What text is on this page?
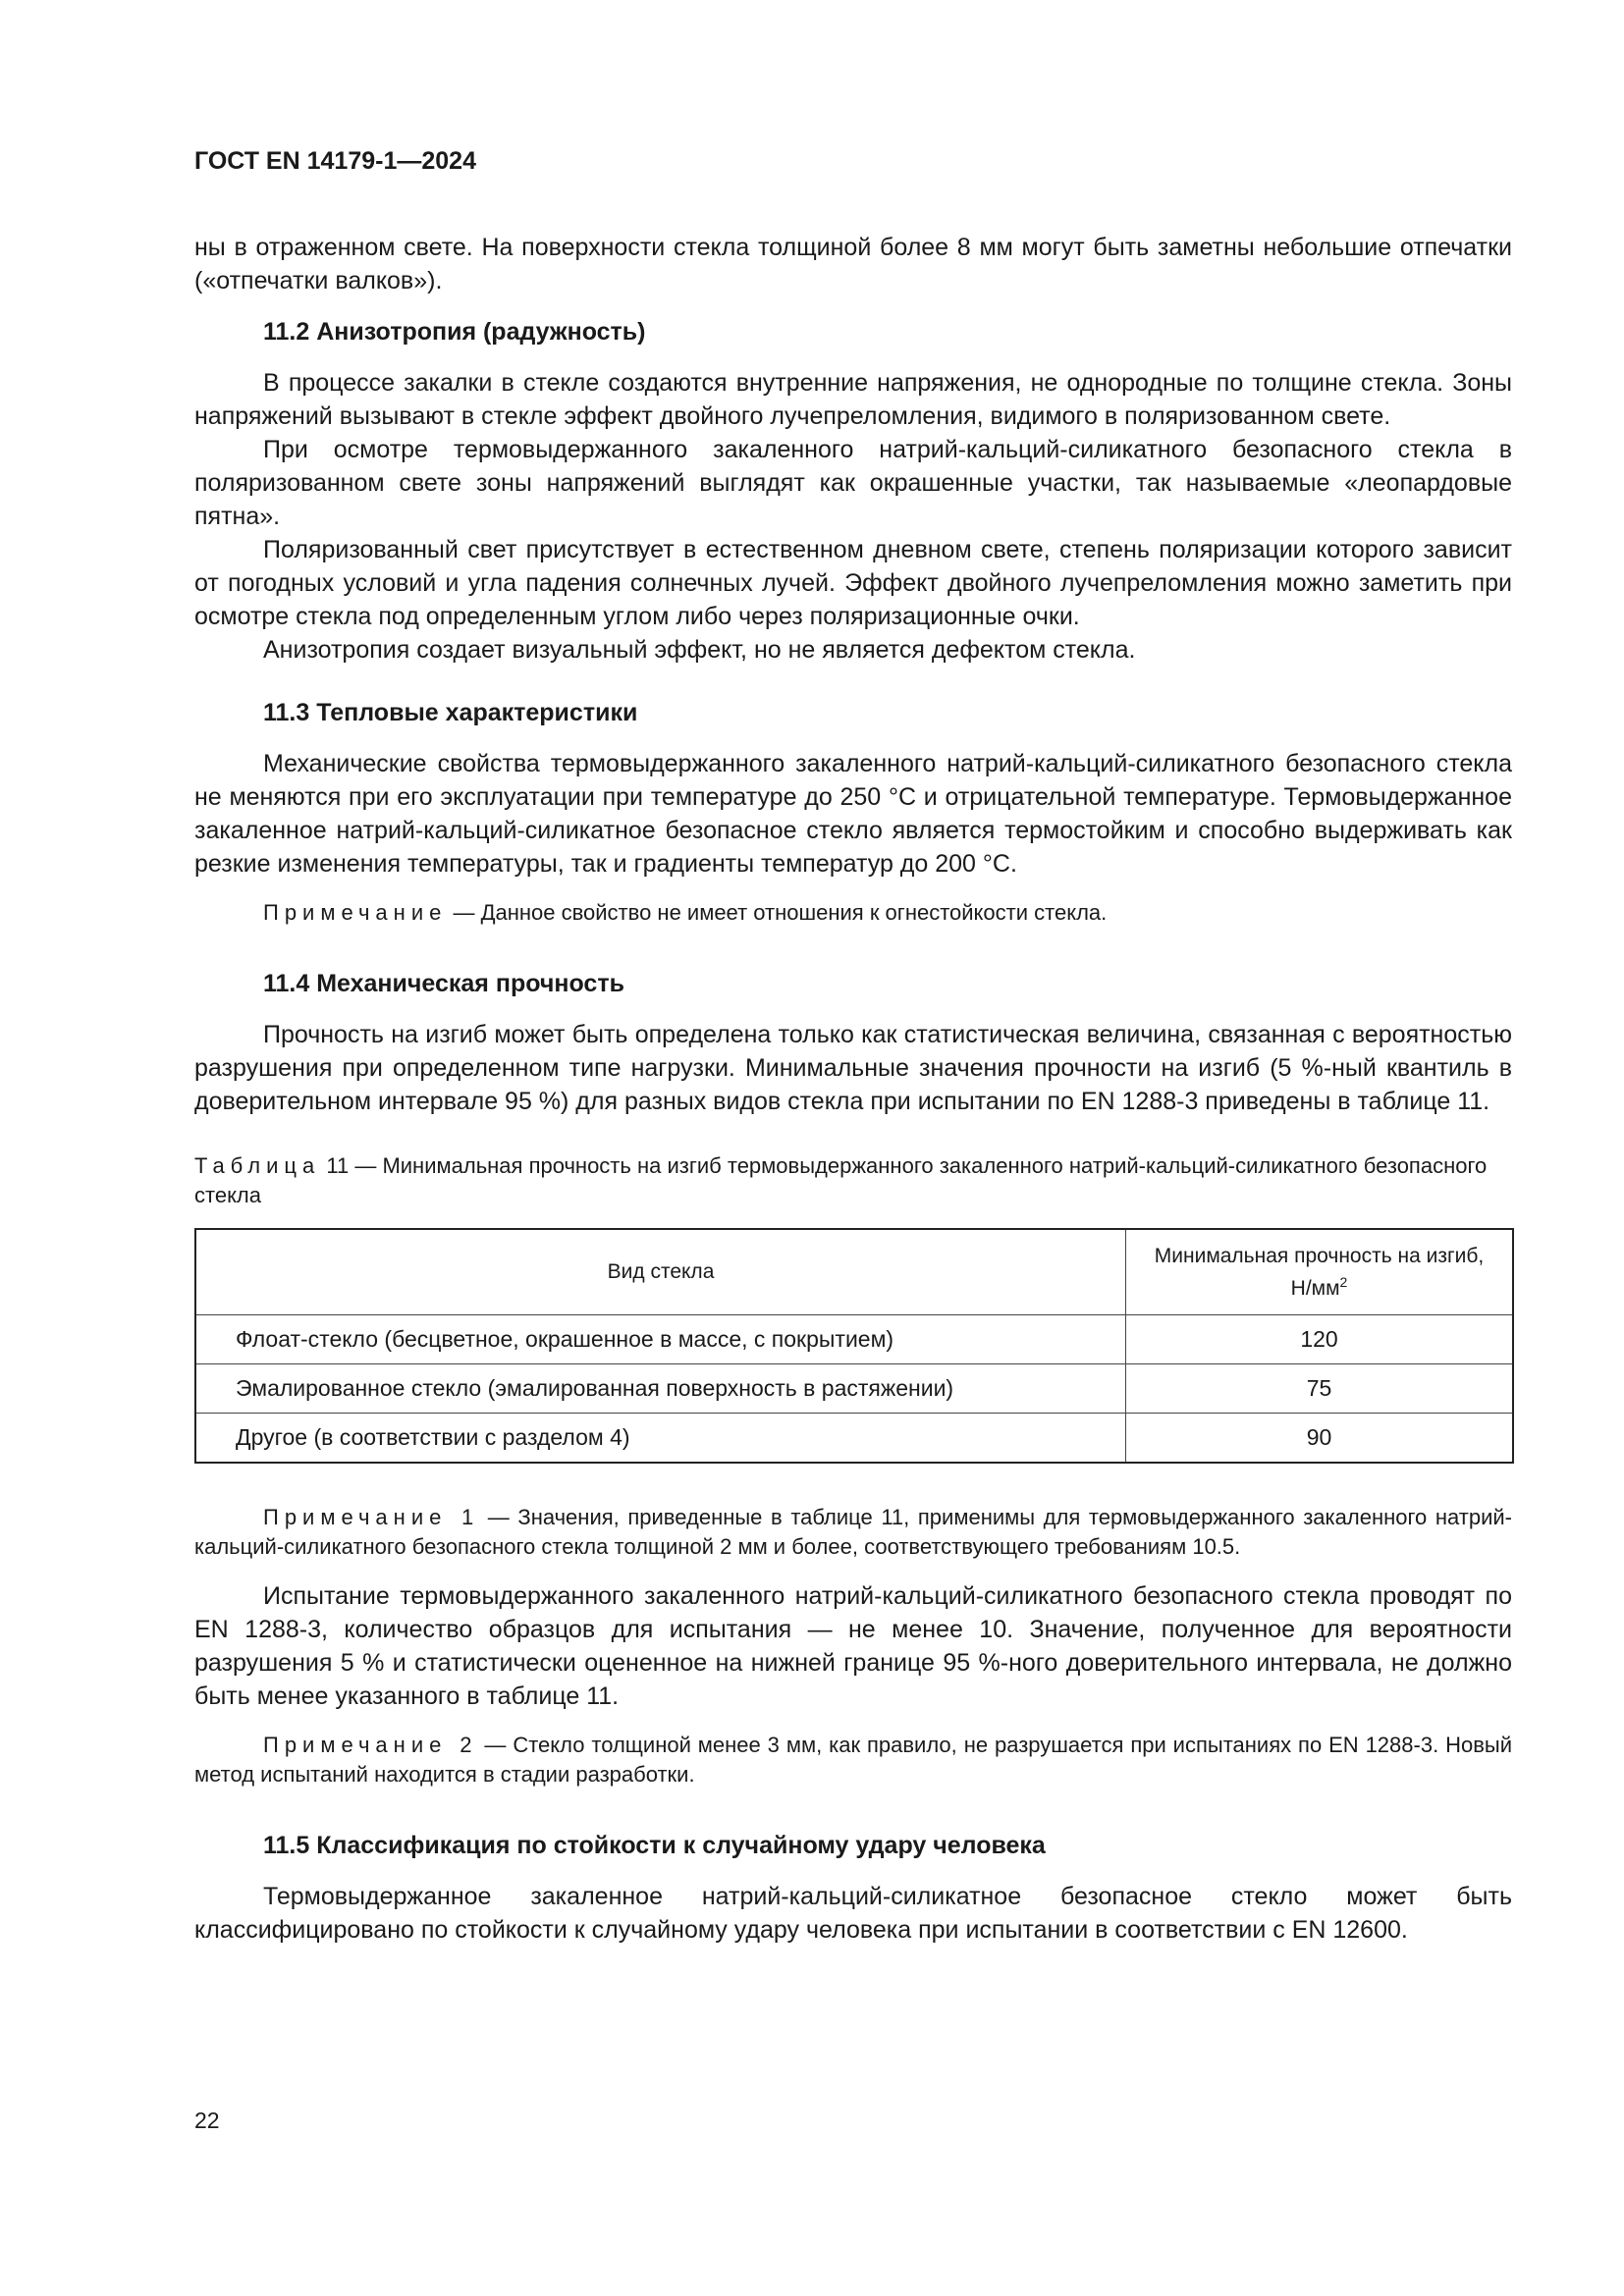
ГОСТ EN 14179-1—2024

ны в отраженном свете. На поверхности стекла толщиной более 8 мм могут быть заметны небольшие отпечатки («отпечатки валков»).

11.2 Анизотропия (радужность)

В процессе закалки в стекле создаются внутренние напряжения, не однородные по толщине стекла. Зоны напряжений вызывают в стекле эффект двойного лучепреломления, видимого в поляризованном свете.

При осмотре термовыдержанного закаленного натрий-кальций-силикатного безопасного стекла в поляризованном свете зоны напряжений выглядят как окрашенные участки, так называемые «леопардовые пятна».

Поляризованный свет присутствует в естественном дневном свете, степень поляризации которого зависит от погодных условий и угла падения солнечных лучей. Эффект двойного лучепреломления можно заметить при осмотре стекла под определенным углом либо через поляризационные очки.

Анизотропия создает визуальный эффект, но не является дефектом стекла.

11.3 Тепловые характеристики

Механические свойства термовыдержанного закаленного натрий-кальций-силикатного безопасного стекла не меняются при его эксплуатации при температуре до 250 °С и отрицательной температуре. Термовыдержанное закаленное натрий-кальций-силикатное безопасное стекло является термостойким и способно выдерживать как резкие изменения температуры, так и градиенты температур до 200 °С.

Примечание — Данное свойство не имеет отношения к огнестойкости стекла.

11.4 Механическая прочность

Прочность на изгиб может быть определена только как статистическая величина, связанная с вероятностью разрушения при определенном типе нагрузки. Минимальные значения прочности на изгиб (5 %-ный квантиль в доверительном интервале 95 %) для разных видов стекла при испытании по EN 1288-3 приведены в таблице 11.

Таблица 11 — Минимальная прочность на изгиб термовыдержанного закаленного натрий-кальций-силикатного безопасного стекла
Вид стекла	Минимальная прочность на изгиб,
$Н/мм^2$
Флоат-стекло (бесцветное, окрашенное в массе, с покрытием)	120
Эмалированное стекло (эмалированная поверхность в растяжении)	75
Другое (в соответствии с разделом 4)	90

Примечание 1 — Значения, приведенные в таблице 11, применимы для термовыдержанного закаленного натрий-кальций-силикатного безопасного стекла толщиной 2 мм и более, соответствующего требованиям 10.5.

Испытание термовыдержанного закаленного натрий-кальций-силикатного безопасного стекла проводят по EN 1288-3, количество образцов для испытания — не менее 10. Значение, полученное для вероятности разрушения 5 % и статистически оцененное на нижней границе 95 %-ного доверительного интервала, не должно быть менее указанного в таблице 11.

Примечание 2 — Стекло толщиной менее 3 мм, как правило, не разрушается при испытаниях по EN 1288-3. Новый метод испытаний находится в стадии разработки.

11.5 Классификация по стойкости к случайному удару человека

Термовыдержанное закаленное натрий-кальций-силикатное безопасное стекло может быть классифицировано по стойкости к случайному удару человека при испытании в соответствии с EN 12600.

22
